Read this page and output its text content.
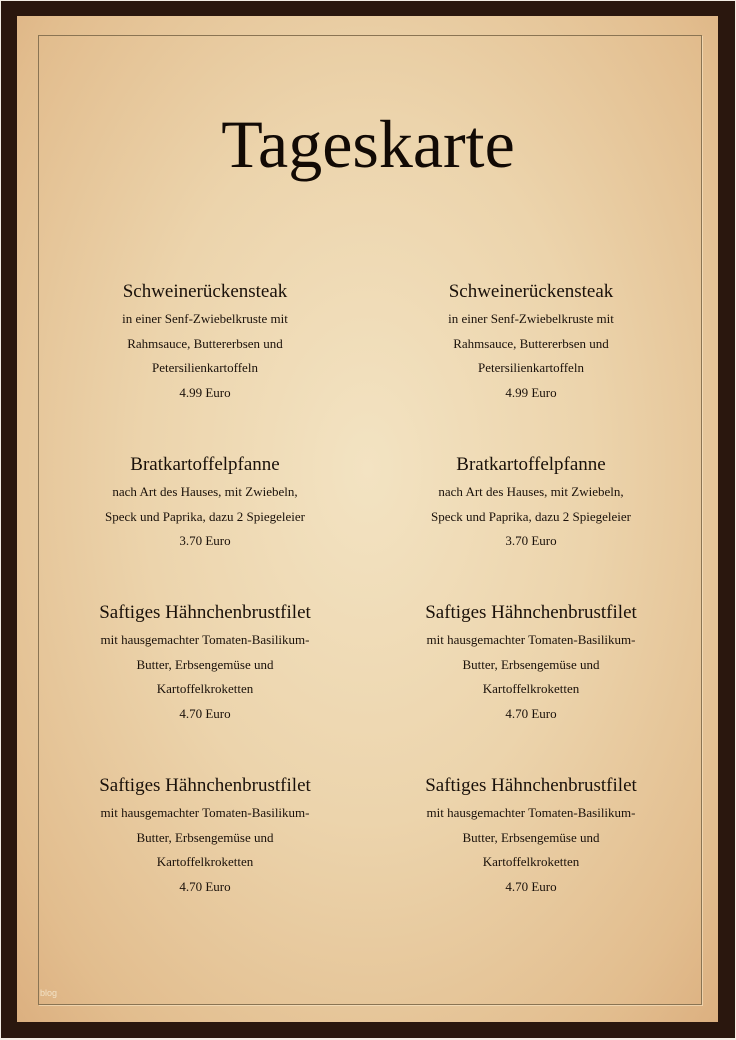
Tageskarte
Schweinerückensteak
in einer Senf-Zwiebelkruste mit
Rahmsauce, Buttererbsen und
Petersilienkartoffeln
4.99 Euro
Bratkartoffelpfanne
nach Art des Hauses, mit Zwiebeln,
Speck und Paprika, dazu 2 Spiegeleier
3.70 Euro
Saftiges Hähnchenbrustfilet
mit hausgemachter Tomaten-Basilikum-
Butter, Erbsengemüse und
Kartoffelkroketten
4.70 Euro
Saftiges Hähnchenbrustfilet
mit hausgemachter Tomaten-Basilikum-
Butter, Erbsengemüse und
Kartoffelkroketten
4.70 Euro
Schweinerückensteak
in einer Senf-Zwiebelkruste mit
Rahmsauce, Buttererbsen und
Petersilienkartoffeln
4.99 Euro
Bratkartoffelpfanne
nach Art des Hauses, mit Zwiebeln,
Speck und Paprika, dazu 2 Spiegeleier
3.70 Euro
Saftiges Hähnchenbrustfilet
mit hausgemachter Tomaten-Basilikum-
Butter, Erbsengemüse und
Kartoffelkroketten
4.70 Euro
Saftiges Hähnchenbrustfilet
mit hausgemachter Tomaten-Basilikum-
Butter, Erbsengemüse und
Kartoffelkroketten
4.70 Euro
blog
